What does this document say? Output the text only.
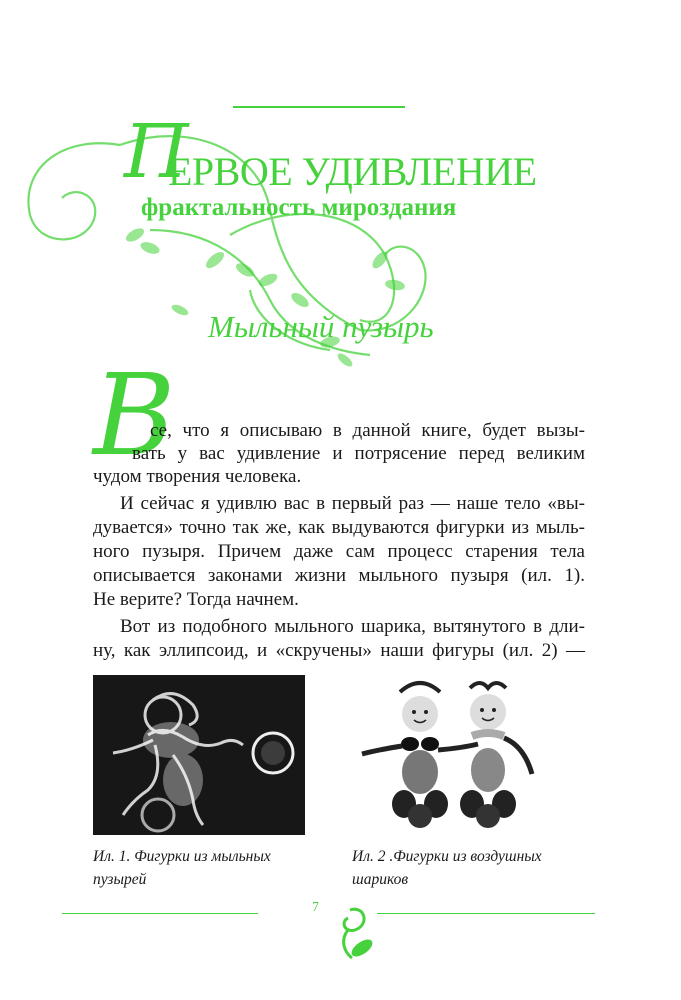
П
ЕРВОЕ УДИВЛЕНИЕ
фрактальность мироздания
Мыльный пузырь
В
се, что я описываю в данной книге, будет вызы-
вать у вас удивление и потрясение перед великим
чудом творения человека.
И сейчас я удивлю вас в первый раз — наше тело «вы-
дувается» точно так же, как выдуваются фигурки из мыль-
ного пузыря. Причем даже сам процесс старения тела
описывается законами жизни мыльного пузыря (ил. 1).
Не верите? Тогда начнем.
Вот из подобного мыльного шарика, вытянутого в дли-
ну, как эллипсоид, и «скручены» наши фигуры (ил. 2) —
Ил. 1. Фигурки из мыльных пузырей
Ил. 2 .Фигурки из воздушных шариков
7
